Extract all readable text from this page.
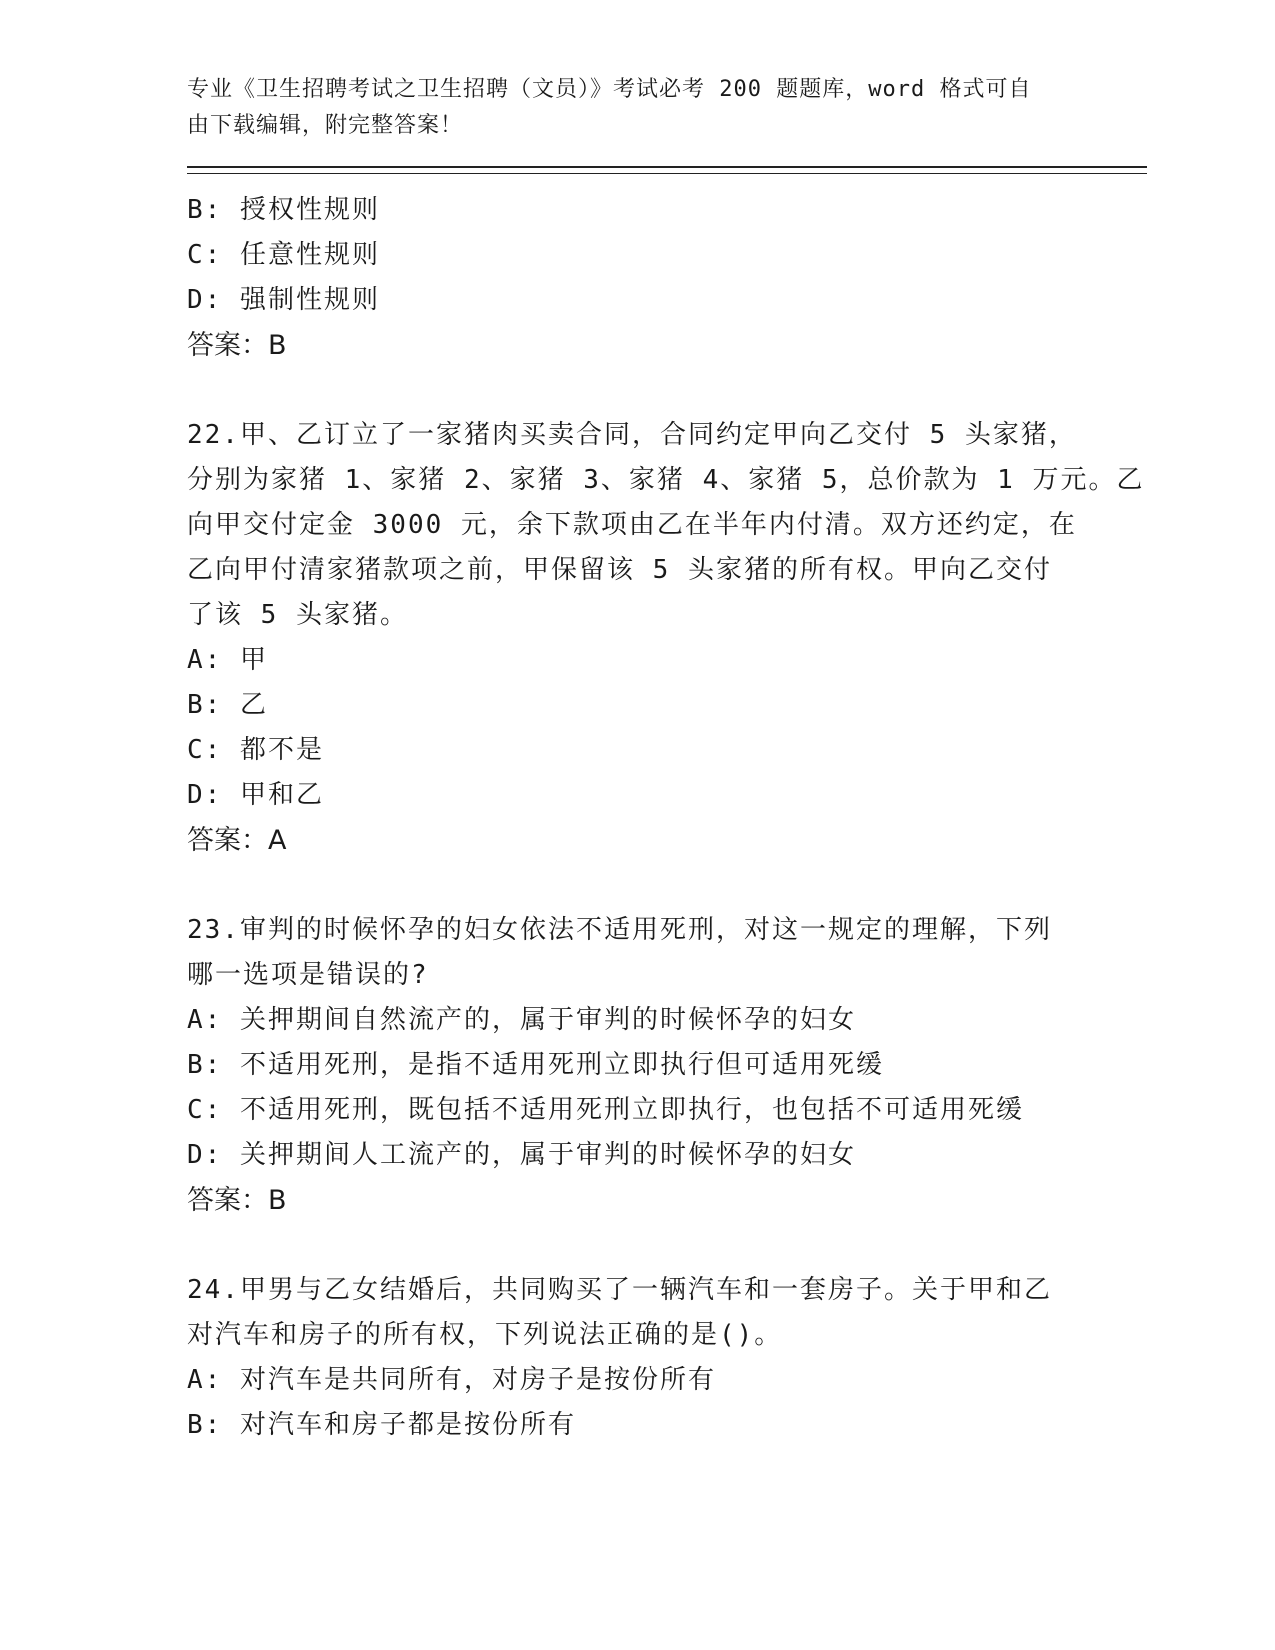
专业《卫生招聘考试之卫生招聘（文员）》考试必考 200 题题库，word 格式可自
由下载编辑，附完整答案！
B: 授权性规则
C: 任意性规则
D: 强制性规则
答案：B
22.甲、乙订立了一家猪肉买卖合同，合同约定甲向乙交付 5 头家猪，
分别为家猪 1、家猪 2、家猪 3、家猪 4、家猪 5，总价款为 1 万元。乙
向甲交付定金 3000 元，余下款项由乙在半年内付清。双方还约定，在
乙向甲付清家猪款项之前，甲保留该 5 头家猪的所有权。甲向乙交付
了该 5 头家猪。
A: 甲
B: 乙
C: 都不是
D: 甲和乙
答案：A
23.审判的时候怀孕的妇女依法不适用死刑，对这一规定的理解，下列
哪一选项是错误的?
A: 关押期间自然流产的，属于审判的时候怀孕的妇女
B: 不适用死刑，是指不适用死刑立即执行但可适用死缓
C: 不适用死刑，既包括不适用死刑立即执行，也包括不可适用死缓
D: 关押期间人工流产的，属于审判的时候怀孕的妇女
答案：B
24.甲男与乙女结婚后，共同购买了一辆汽车和一套房子。关于甲和乙
对汽车和房子的所有权，下列说法正确的是()。
A: 对汽车是共同所有，对房子是按份所有
B: 对汽车和房子都是按份所有
